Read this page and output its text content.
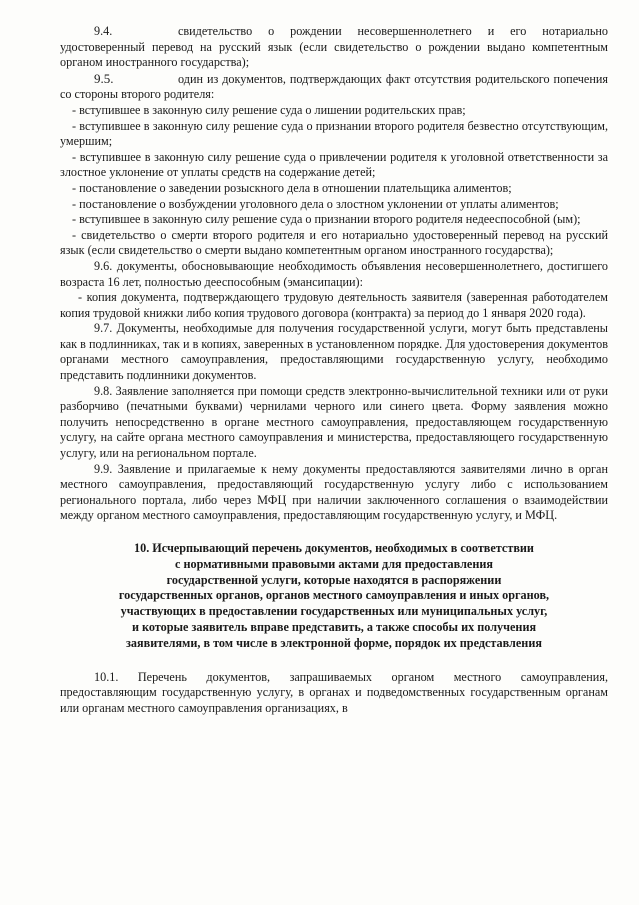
9.4.	свидетельство о рождении несовершеннолетнего и его нотариально удостоверенный перевод на русский язык (если свидетельство о рождении выдано компетентным органом иностранного государства);

9.5.	один из документов, подтверждающих факт отсутствия родительского попечения со стороны второго родителя:

- вступившее в законную силу решение суда о лишении родительских прав;

- вступившее в законную силу решение суда о признании второго родителя безвестно отсутствующим, умершим;

- вступившее в законную силу решение суда о привлечении родителя к уголовной ответственности за злостное уклонение от уплаты средств на содержание детей;

- постановление о заведении розыскного дела в отношении плательщика алиментов;

- постановление о возбуждении уголовного дела о злостном уклонении от уплаты алиментов;

- вступившее в законную силу решение суда о признании второго родителя недееспособной (ым);

- свидетельство о смерти второго родителя и его нотариально удостоверенный перевод на русский язык (если свидетельство о смерти выдано компетентным органом иностранного государства);

9.6. документы, обосновывающие необходимость объявления несовершеннолетнего, достигшего возраста 16 лет, полностью дееспособным (эмансипации):

- копия документа, подтверждающего трудовую деятельность заявителя (заверенная работодателем копия трудовой книжки либо копия трудового договора (контракта) за период до 1 января 2020 года).

9.7. Документы, необходимые для получения государственной услуги, могут быть представлены как в подлинниках, так и в копиях, заверенных в установленном порядке. Для удостоверения документов органами местного самоуправления, предоставляющими государственную услугу, необходимо представить подлинники документов.

9.8. Заявление заполняется при помощи средств электронно-вычислительной техники или от руки разборчиво (печатными буквами) чернилами черного или синего цвета. Форму заявления можно получить непосредственно в органе местного самоуправления, предоставляющем государственную услугу, на сайте органа местного самоуправления и министерства, предоставляющего государственную услугу, или на региональном портале.

9.9. Заявление и прилагаемые к нему документы предоставляются заявителями лично в орган местного самоуправления, предоставляющий государственную услугу либо с использованием регионального портала, либо через МФЦ при наличии заключенного соглашения о взаимодействии между органом местного самоуправления, предоставляющим государственную услугу, и МФЦ.

10. Исчерпывающий перечень документов, необходимых в соответствии
с нормативными правовыми актами для предоставления
государственной услуги, которые находятся в распоряжении
государственных органов, органов местного самоуправления и иных органов,
участвующих в предоставлении государственных или муниципальных услуг,
и которые заявитель вправе представить, а также способы их получения
заявителями, в том числе в электронной форме, порядок их представления

10.1. Перечень документов, запрашиваемых органом местного самоуправления, предоставляющим государственную услугу, в органах и подведомственных государственным органам или органам местного самоуправления организациях, в
